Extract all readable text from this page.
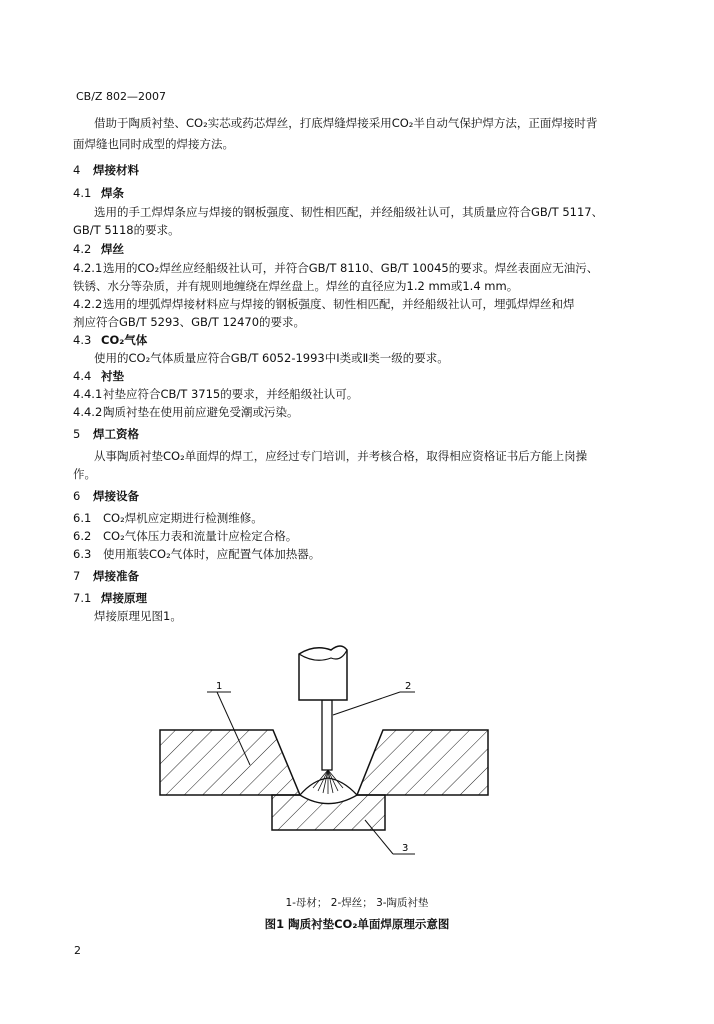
CB/Z 802—2007
借助于陶质衬垫、CO₂实芯或药芯焊丝，打底焊缝焊接采用CO₂半自动气保护焊方法，正面焊接时背
面焊缝也同时成型的焊接方法。
4 焊接材料
4.1 焊条
选用的手工焊焊条应与焊接的钢板强度、韧性相匹配，并经船级社认可，其质量应符合GB/T 5117、
GB/T 5118的要求。
4.2 焊丝
4.2.1选用的CO₂焊丝应经船级社认可，并符合GB/T 8110、GB/T 10045的要求。焊丝表面应无油污、
铁锈、水分等杂质，并有规则地缠绕在焊丝盘上。焊丝的直径应为1.2 mm或1.4 mm。
4.2.2选用的埋弧焊焊接材料应与焊接的钢板强度、韧性相匹配，并经船级社认可，埋弧焊焊丝和焊
剂应符合GB/T 5293、GB/T 12470的要求。
4.3 CO₂气体
使用的CO₂气体质量应符合GB/T 6052-1993中Ⅰ类或Ⅱ类一级的要求。
4.4 衬垫
4.4.1衬垫应符合CB/T 3715的要求，并经船级社认可。
4.4.2陶质衬垫在使用前应避免受潮或污染。
5 焊工资格
从事陶质衬垫CO₂单面焊的焊工，应经过专门培训，并考核合格，取得相应资格证书后方能上岗操
作。
6 焊接设备
6.1 CO₂焊机应定期进行检测维修。
6.2 CO₂气体压力表和流量计应检定合格。
6.3 使用瓶装CO₂气体时，应配置气体加热器。
7 焊接准备
7.1 焊接原理
焊接原理见图1。
1	2
3
1-母材； 2-焊丝； 3-陶质衬垫
图1 陶质衬垫CO₂单面焊原理示意图
2
